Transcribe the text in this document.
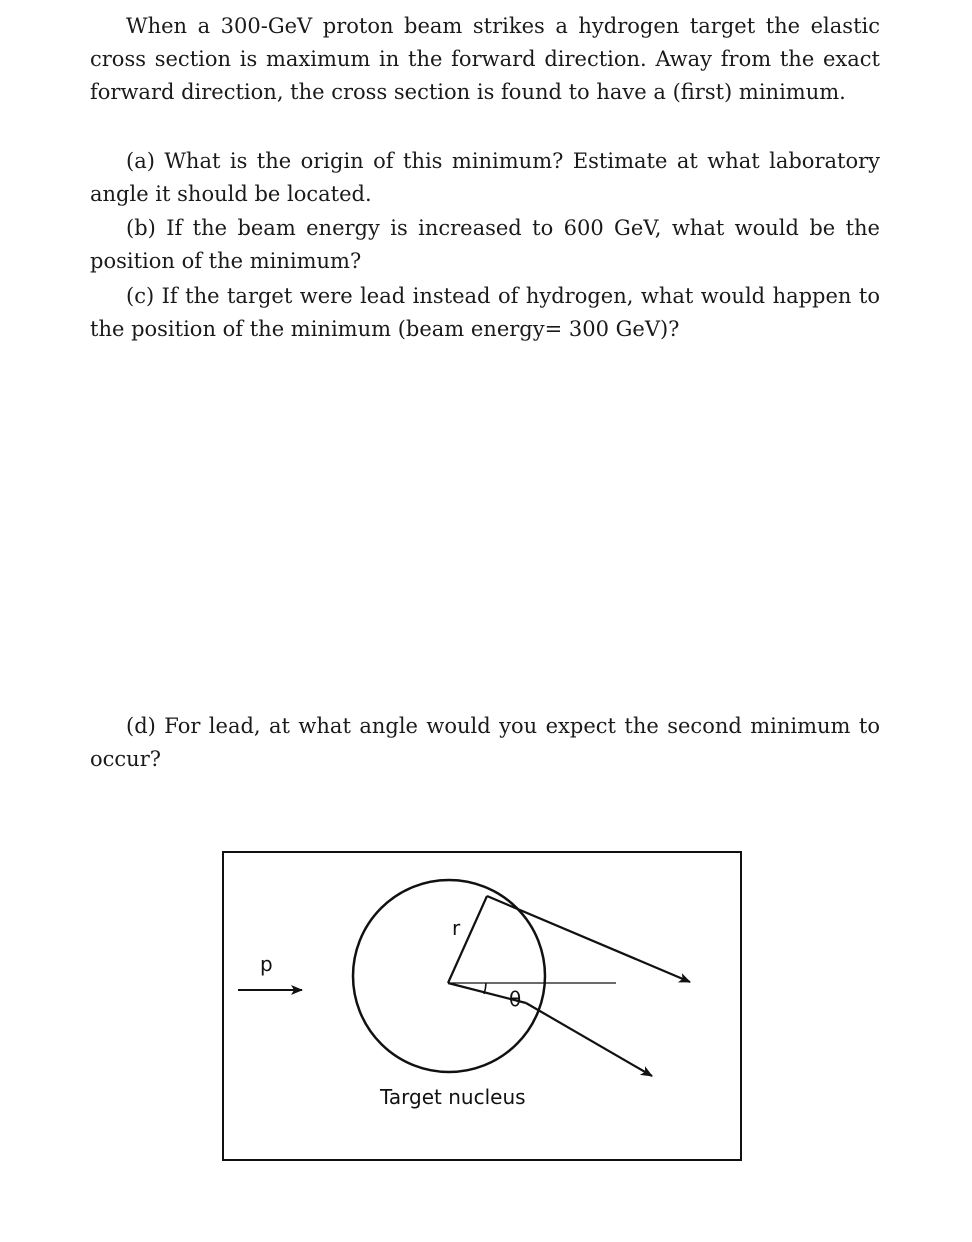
When a 300-GeV proton beam strikes a hydrogen target the elastic cross section is maximum in the forward direction. Away from the exact forward direction, the cross section is found to have a (first) minimum.

(a) What is the origin of this minimum? Estimate at what laboratory angle it should be located.

(b) If the beam energy is increased to 600 GeV, what would be the position of the minimum?

(c) If the target were lead instead of hydrogen, what would happen to the position of the minimum (beam energy= 300 GeV)?

(d) For lead, at what angle would you expect the second minimum to occur?

p
r
θ
Target nucleus
